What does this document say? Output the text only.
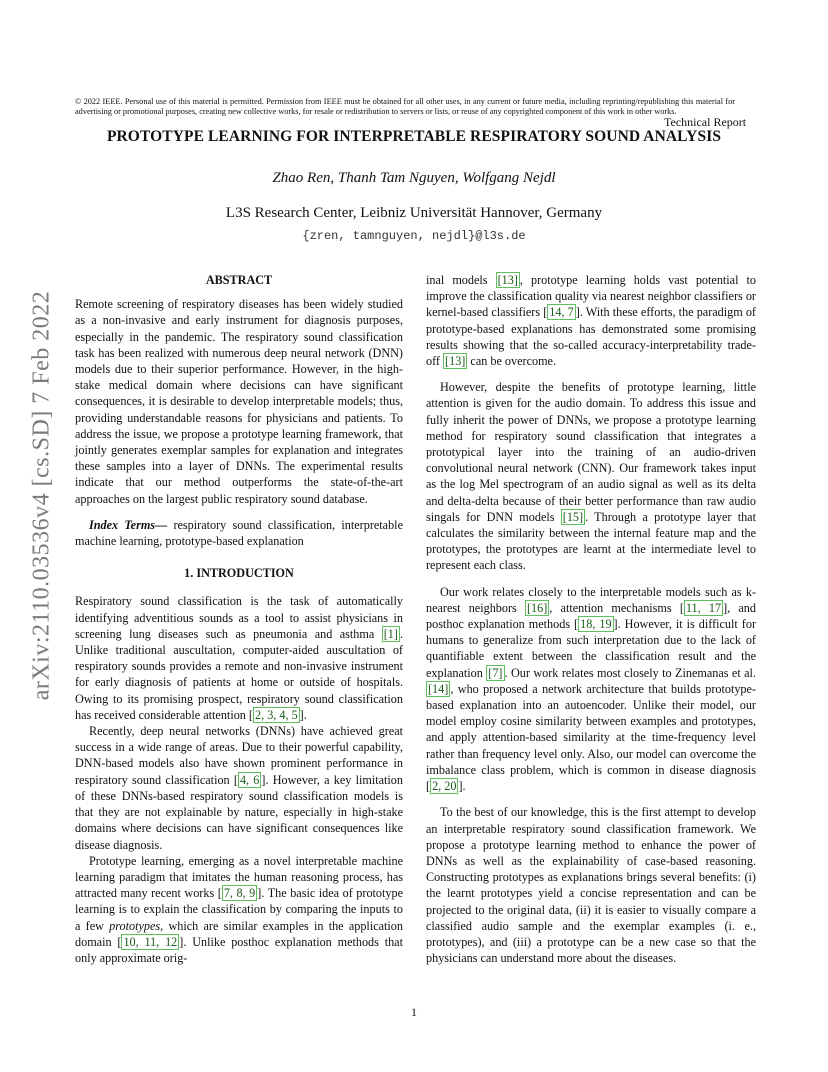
© 2022 IEEE. Personal use of this material is permitted. Permission from IEEE must be obtained for all other uses, in any current or future media, including reprinting/republishing this material for advertising or promotional purposes, creating new collective works, for resale or redistribution to servers or lists, or reuse of any copyrighted component of this work in other works.
Technical Report
PROTOTYPE LEARNING FOR INTERPRETABLE RESPIRATORY SOUND ANALYSIS
Zhao Ren, Thanh Tam Nguyen, Wolfgang Nejdl
L3S Research Center, Leibniz Universität Hannover, Germany
{zren, tamnguyen, nejdl}@l3s.de
arXiv:2110.03536v4 [cs.SD] 7 Feb 2022

ABSTRACT

Remote screening of respiratory diseases has been widely studied as a non-invasive and early instrument for diagnosis purposes, especially in the pandemic. The respiratory sound classification task has been realized with numerous deep neural network (DNN) models due to their superior performance. However, in the high-stake medical domain where decisions can have significant consequences, it is desirable to develop interpretable models; thus, providing understandable reasons for physicians and patients. To address the issue, we propose a prototype learning framework, that jointly generates exemplar samples for explanation and integrates these samples into a layer of DNNs. The experimental results indicate that our method outperforms the state-of-the-art approaches on the largest public respiratory sound database.

Index Terms— respiratory sound classification, interpretable machine learning, prototype-based explanation

1. INTRODUCTION

Respiratory sound classification is the task of automatically identifying adventitious sounds as a tool to assist physicians in screening lung diseases such as pneumonia and asthma [1] . Unlike traditional auscultation, computer-aided auscultation of respiratory sounds provides a remote and non-invasive instrument for early diagnosis of patients at home or outside of hospitals. Owing to its promising prospect, respiratory sound classification has received considerable attention [ 2, 3, 4, 5 ].

Recently, deep neural networks (DNNs) have achieved great success in a wide range of areas. Due to their powerful capability, DNN-based models also have shown prominent performance in respiratory sound classification [ 4, 6 ]. However, a key limitation of these DNNs-based respiratory sound classification models is that they are not explainable by nature, especially in high-stake domains where decisions can have significant consequences like disease diagnosis.

Prototype learning, emerging as a novel interpretable machine learning paradigm that imitates the human reasoning process, has attracted many recent works [ 7, 8, 9 ]. The basic idea of prototype learning is to explain the classification by comparing the inputs to a few prototypes, which are similar examples in the application domain [ 10, 11, 12 ]. Unlike posthoc explanation methods that only approximate orig-

inal models [13] , prototype learning holds vast potential to improve the classification quality via nearest neighbor classifiers or kernel-based classifiers [ 14, 7 ]. With these efforts, the paradigm of prototype-based explanations has demonstrated some promising results showing that the so-called accuracy-interpretability trade-off [13] can be overcome.

However, despite the benefits of prototype learning, little attention is given for the audio domain. To address this issue and fully inherit the power of DNNs, we propose a prototype learning method for respiratory sound classification that integrates a prototypical layer into the training of an audio-driven convolutional neural network (CNN). Our framework takes input as the log Mel spectrogram of an audio signal as well as its delta and delta-delta because of their better performance than raw audio singals for DNN models [15] . Through a prototype layer that calculates the similarity between the internal feature map and the prototypes, the prototypes are learnt at the intermediate level to represent each class.

Our work relates closely to the interpretable models such as k-nearest neighbors [16] , attention mechanisms [ 11, 17 ], and posthoc explanation methods [ 18, 19 ]. However, it is difficult for humans to generalize from such interpretation due to the lack of quantifiable extent between the classification result and the explanation [7] . Our work relates most closely to Zinemanas et al. [14] , who proposed a network architecture that builds prototype-based explanation into an autoencoder. Unlike their model, our model employ cosine similarity between examples and prototypes, and apply attention-based similarity at the time-frequency level rather than frequency level only. Also, our model can overcome the imbalance class problem, which is common in disease diagnosis [ 2, 20 ].

To the best of our knowledge, this is the first attempt to develop an interpretable respiratory sound classification framework. We propose a prototype learning method to enhance the power of DNNs as well as the explainability of case-based reasoning. Constructing prototypes as explanations brings several benefits: (i) the learnt prototypes yield a concise representation and can be projected to the original data, (ii) it is easier to visually compare a classified audio sample and the exemplar examples (i. e., prototypes), and (iii) a prototype can be a new case so that the physicians can understand more about the diseases.

1
